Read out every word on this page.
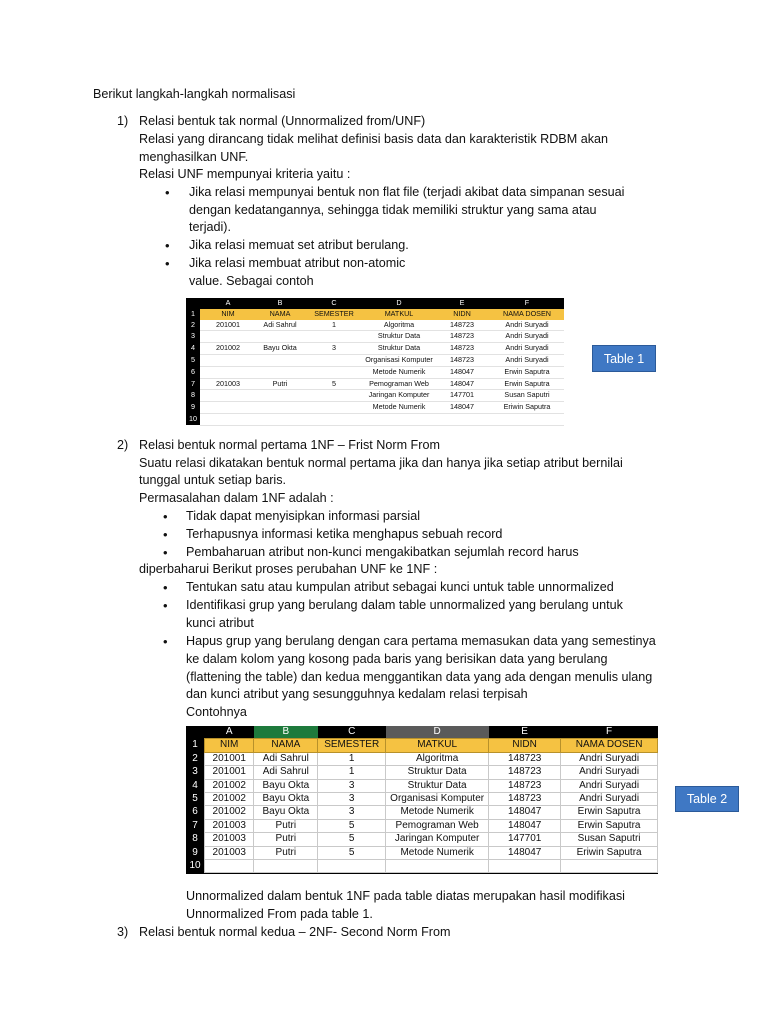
Berikut langkah-langkah normalisasi
1) Relasi bentuk tak normal (Unnormalized from/UNF)
Relasi yang dirancang tidak melihat definisi basis data dan karakteristik RDBM akan
menghasilkan UNF.
Relasi UNF mempunyai kriteria yaitu :
• Jika relasi mempunyai bentuk non flat file (terjadi akibat data simpanan sesuai
dengan kedatangannya, sehingga tidak memiliki struktur yang sama atau
terjadi).
• Jika relasi memuat set atribut berulang.
• Jika relasi membuat atribut non-atomic
value. Sebagai contoh
	A	B	C	D	E	F
1	NIM	NAMA	SEMESTER	MATKUL	NIDN	NAMA DOSEN
2	201001	Adi Sahrul	1	Algoritma	148723	Andri Suryadi
3				Struktur Data	148723	Andri Suryadi
4	201002	Bayu Okta	3	Struktur Data	148723	Andri Suryadi
5				Organisasi Komputer	148723	Andri Suryadi
6				Metode Numerik	148047	Erwin Saputra
7	201003	Putri	5	Pemograman Web	148047	Erwin Saputra
8				Jaringan Komputer	147701	Susan Saputri
9				Metode Numerik	148047	Eriwin Saputra
10						
Table 1
2) Relasi bentuk normal pertama 1NF – Frist Norm From
Suatu relasi dikatakan bentuk normal pertama jika dan hanya jika setiap atribut bernilai
tunggal untuk setiap baris.
Permasalahan dalam 1NF adalah :
• Tidak dapat menyisipkan informasi parsial
• Terhapusnya informasi ketika menghapus sebuah record
• Pembaharuan atribut non-kunci mengakibatkan sejumlah record harus
diperbaharui Berikut proses perubahan UNF ke 1NF :
• Tentukan satu atau kumpulan atribut sebagai kunci untuk table unnormalized
• Identifikasi grup yang berulang dalam table unnormalized yang berulang untuk
kunci atribut
• Hapus grup yang berulang dengan cara pertama memasukan data yang semestinya
ke dalam kolom yang kosong pada baris yang berisikan data yang berulang
(flattening the table) dan kedua menggantikan data yang ada dengan menulis ulang
dan kunci atribut yang sesungguhnya kedalam relasi terpisah
Contohnya
	A	B	C	D	E	F
1	NIM	NAMA	SEMESTER	MATKUL	NIDN	NAMA DOSEN
2	201001	Adi Sahrul	1	Algoritma	148723	Andri Suryadi
3	201001	Adi Sahrul	1	Struktur Data	148723	Andri Suryadi
4	201002	Bayu Okta	3	Struktur Data	148723	Andri Suryadi
5	201002	Bayu Okta	3	Organisasi Komputer	148723	Andri Suryadi
6	201002	Bayu Okta	3	Metode Numerik	148047	Erwin Saputra
7	201003	Putri	5	Pemograman Web	148047	Erwin Saputra
8	201003	Putri	5	Jaringan Komputer	147701	Susan Saputri
9	201003	Putri	5	Metode Numerik	148047	Eriwin Saputra
10						
Table 2
Unnormalized dalam bentuk 1NF pada table diatas merupakan hasil modifikasi
Unnormalized From pada table 1.
3) Relasi bentuk normal kedua – 2NF- Second Norm From
